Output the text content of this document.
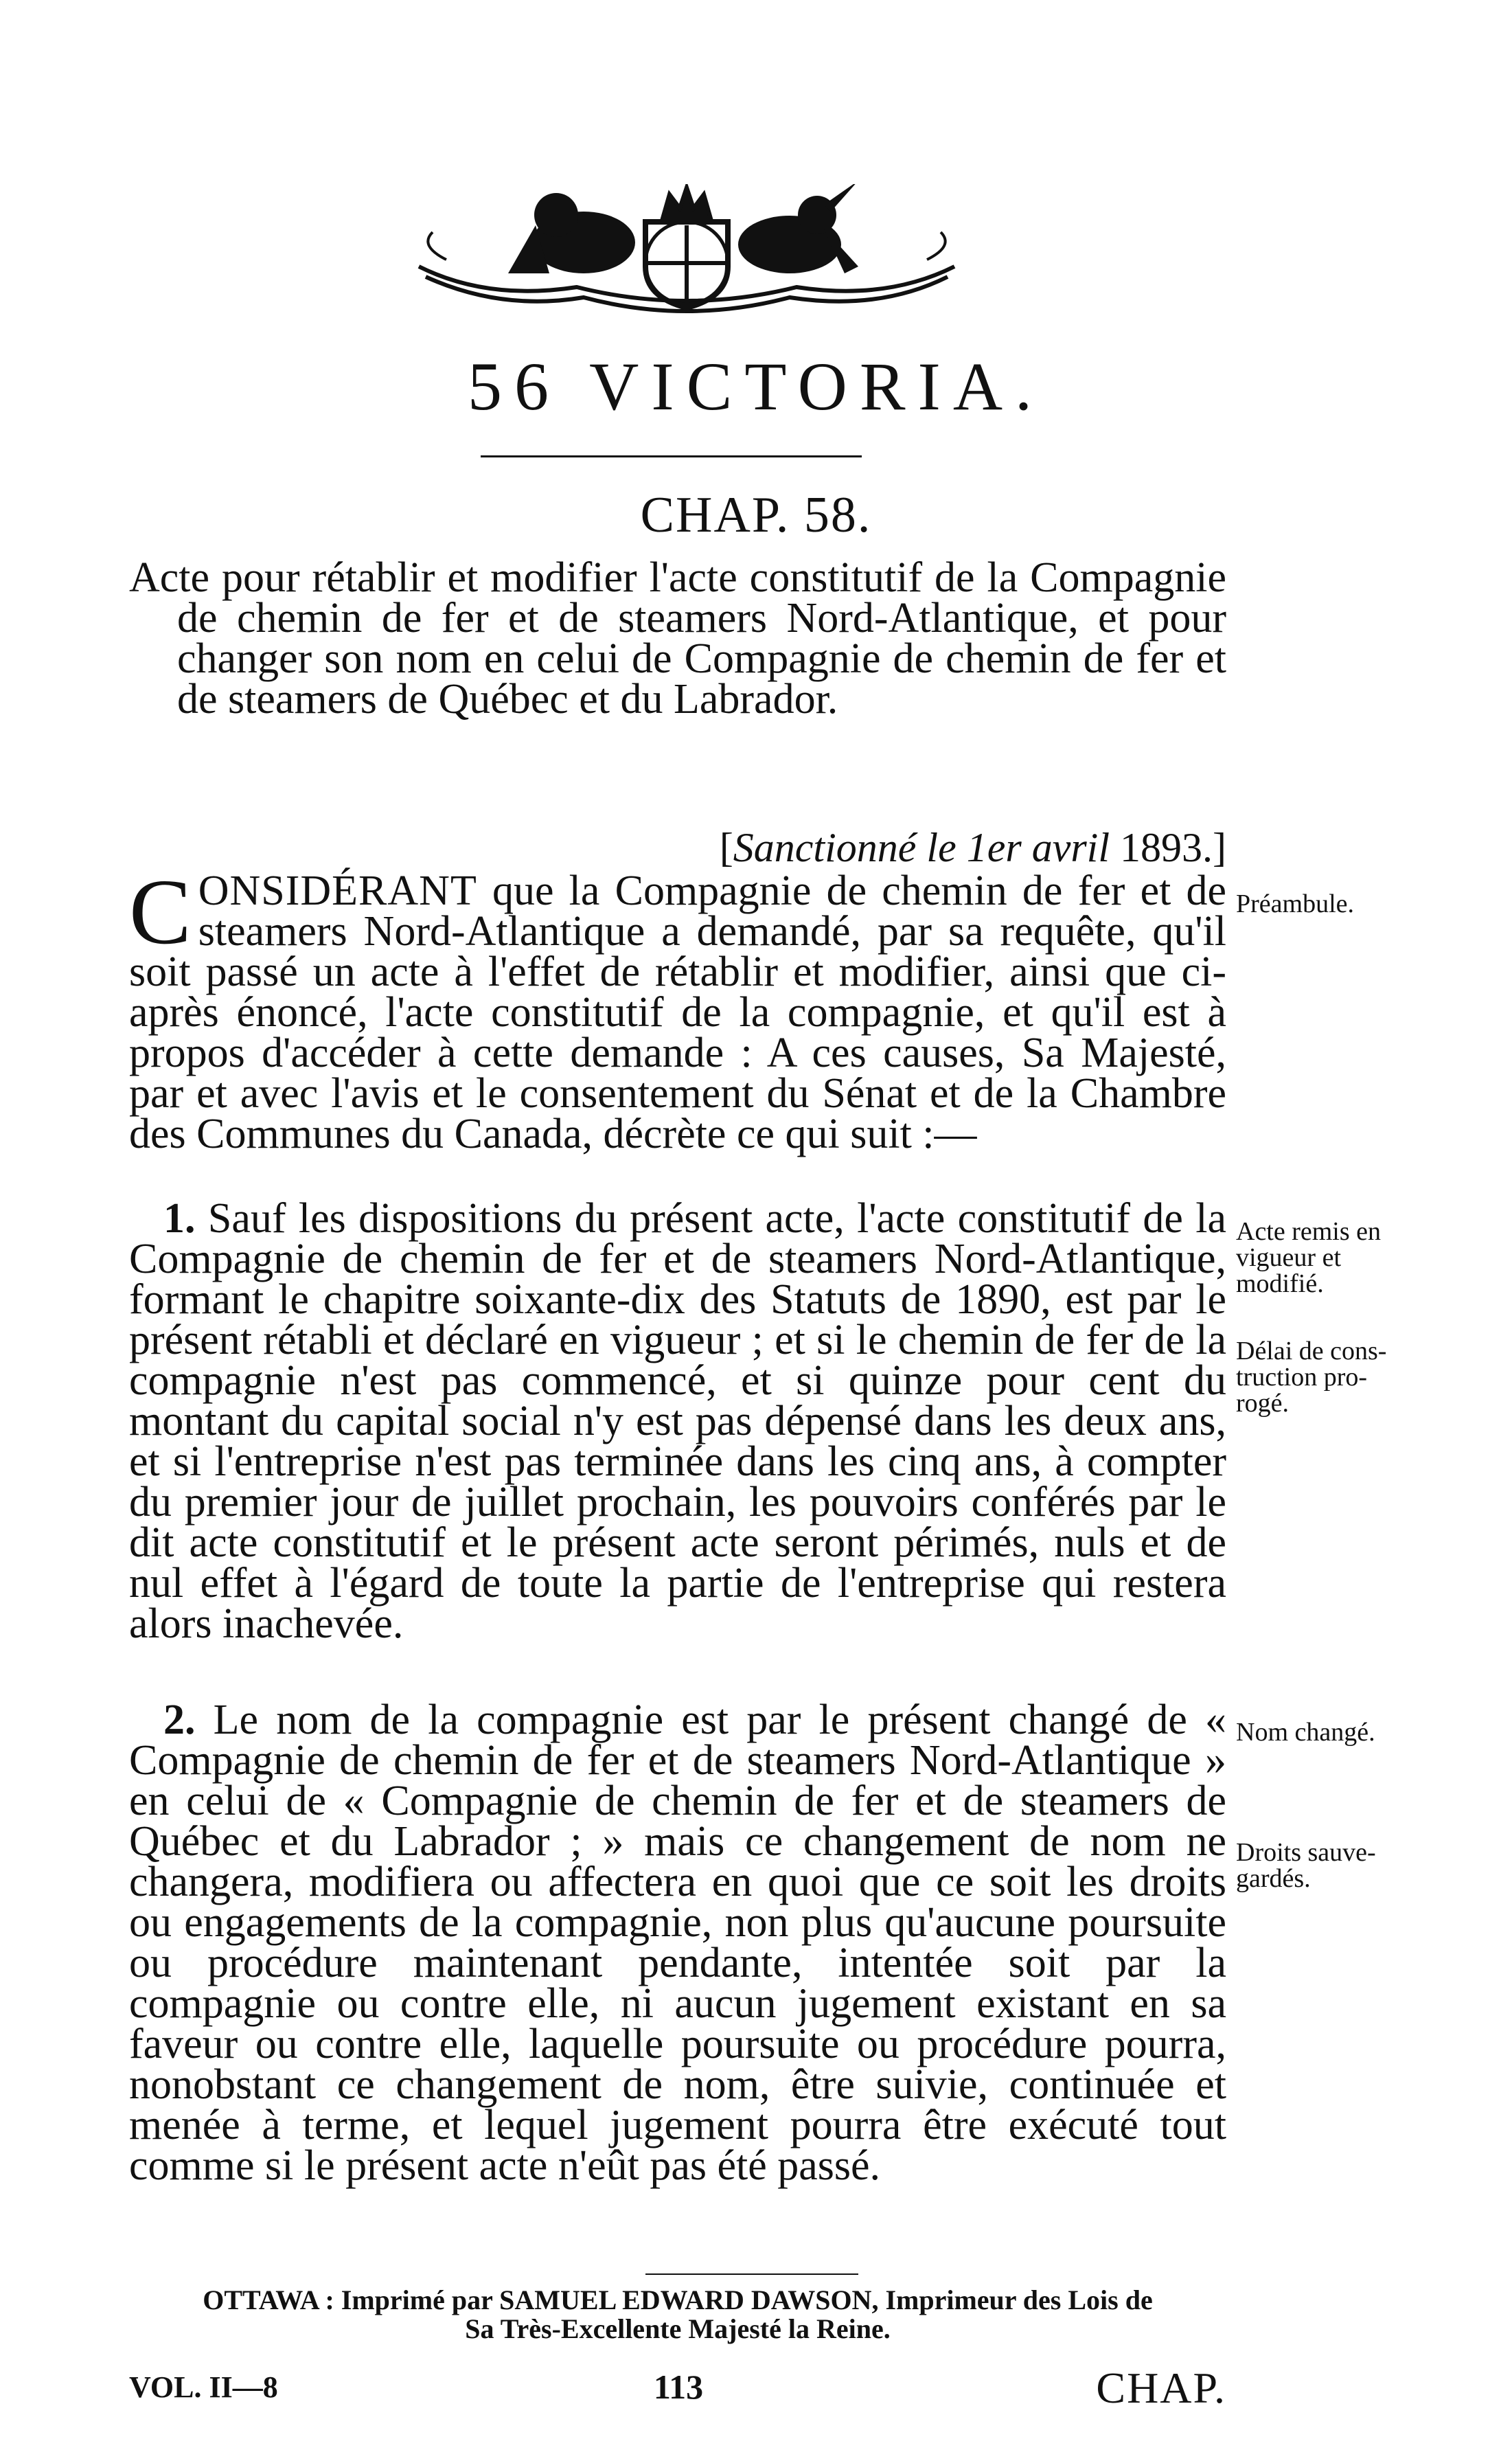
56 VICTORIA.
CHAP. 58.
Acte pour rétablir et modifier l'acte constitutif de la Compagnie de chemin de fer et de steamers Nord-Atlantique, et pour changer son nom en celui de Compagnie de chemin de fer et de steamers de Québec et du Labrador.
[Sanctionné le 1er avril 1893.]
CONSIDÉRANT que la Compagnie de chemin de fer et de steamers Nord-Atlantique a demandé, par sa requête, qu'il soit passé un acte à l'effet de rétablir et modifier, ainsi que ci-après énoncé, l'acte constitutif de la compagnie, et qu'il est à propos d'accéder à cette demande : A ces causes, Sa Majesté, par et avec l'avis et le consentement du Sénat et de la Chambre des Communes du Canada, décrète ce qui suit :—
1. Sauf les dispositions du présent acte, l'acte constitutif de la Compagnie de chemin de fer et de steamers Nord-Atlantique, formant le chapitre soixante-dix des Statuts de 1890, est par le présent rétabli et déclaré en vigueur ; et si le chemin de fer de la compagnie n'est pas commencé, et si quinze pour cent du montant du capital social n'y est pas dépensé dans les deux ans, et si l'entreprise n'est pas terminée dans les cinq ans, à compter du premier jour de juillet prochain, les pouvoirs conférés par le dit acte constitutif et le présent acte seront périmés, nuls et de nul effet à l'égard de toute la partie de l'entreprise qui restera alors inachevée.
2. Le nom de la compagnie est par le présent changé de « Compagnie de chemin de fer et de steamers Nord-Atlantique » en celui de « Compagnie de chemin de fer et de steamers de Québec et du Labrador ; » mais ce changement de nom ne changera, modifiera ou affectera en quoi que ce soit les droits ou engagements de la compagnie, non plus qu'aucune poursuite ou procédure maintenant pendante, intentée soit par la compagnie ou contre elle, ni aucun jugement existant en sa faveur ou contre elle, laquelle poursuite ou procédure pourra, nonobstant ce changement de nom, être suivie, continuée et menée à terme, et lequel jugement pourra être exécuté tout comme si le présent acte n'eût pas été passé.
Préambule.
Acte remis en
vigueur et
modifié.
Délai de cons-
truction pro-
rogé.
Nom changé.
Droits sauve-
gardés.
OTTAWA : Imprimé par SAMUEL EDWARD DAWSON, Imprimeur des Lois de
Sa Très-Excellente Majesté la Reine.
VOL. II—8	113	CHAP.
